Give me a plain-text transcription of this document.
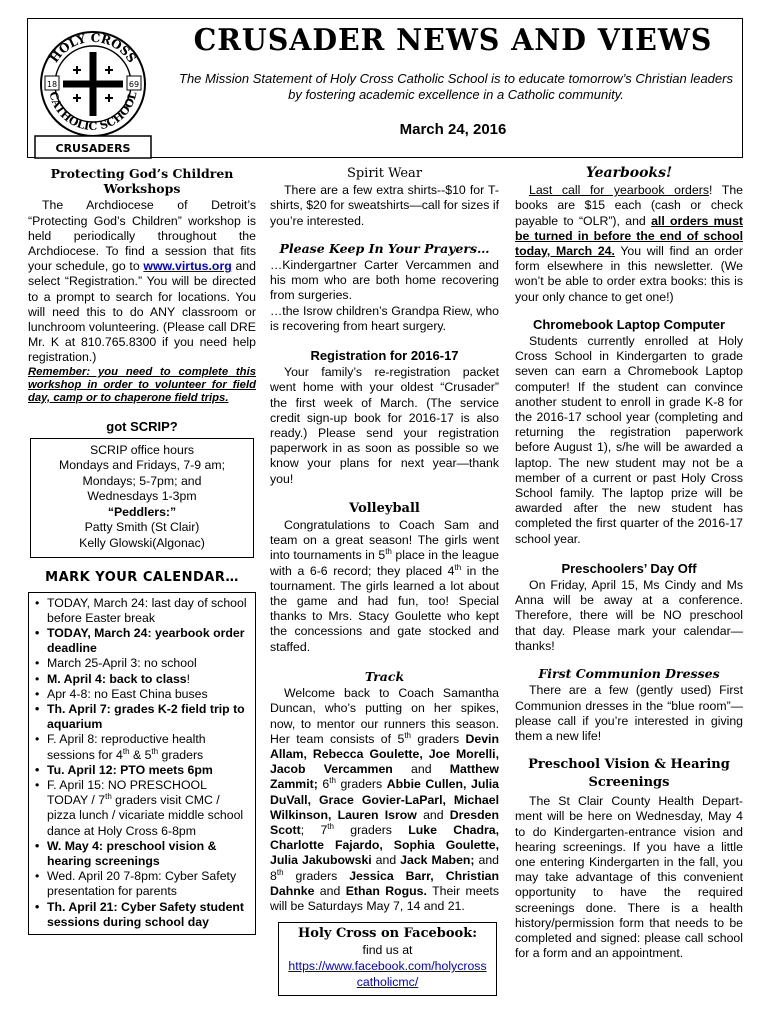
HOLY CROSS
CATHOLIC SCHOOL
18	69
CRUSADERS
CRUSADER NEWS AND VIEWS
The Mission Statement of Holy Cross Catholic School is to educate tomorrow’s Christian leaders by fostering academic excellence in a Catholic community.
March 24, 2016
Protecting God’s Children Workshops

The Archdiocese of Detroit’s “Protecting God’s Children” workshop is held periodically throughout the Archdiocese. To find a session that fits your schedule, go to www.virtus.org and select “Registration.” You will be directed to a prompt to search for locations. You will need this to do ANY classroom or lunchroom volunteering. (Please call DRE Mr. K at 810.765.8300 if you need help registration.)

Remember: you need to complete this workshop in order to volunteer for field day, camp or to chaperone field trips.

got SCRIP?
SCRIP office hours
Mondays and Fridays, 7-9 am;
Mondays; 5-7pm; and
Wednesdays 1-3pm
“Peddlers:”
Patty Smith (St Clair)
Kelly Glowski(Algonac)
MARK YOUR CALENDAR…
• TODAY, March 24: last day of school before Easter break
• TODAY, March 24: yearbook order deadline
• March 25-April 3: no school
• M. April 4: back to class!
• Apr 4-8: no East China buses
• Th. April 7: grades K-2 field trip to aquarium
• F. April 8: reproductive health sessions for 4th & 5th graders
• Tu. April 12: PTO meets 6pm
• F. April 15: NO PRESCHOOL TODAY / 7th graders visit CMC / pizza lunch / vicariate middle school dance at Holy Cross 6-8pm
• W. May 4: preschool vision & hearing screenings
• Wed. April 20 7-8pm: Cyber Safety presentation for parents
• Th. April 21: Cyber Safety student sessions during school day
Spirit Wear

There are a few extra shirts--$10 for T-shirts, $20 for sweatshirts—call for sizes if you’re interested.

Please Keep In Your Prayers…

…Kindergartner Carter Vercammen and his mom who are both home recovering from surgeries.

…the Isrow children’s Grandpa Riew, who is recovering from heart surgery.

Registration for 2016-17

Your family’s re-registration packet went home with your oldest “Crusader” the first week of March. (The service credit sign-up book for 2016-17 is also ready.) Please send your registration paperwork in as soon as possible so we know your plans for next year—thank you!

Volleyball

Congratulations to Coach Sam and team on a great season! The girls went into tournaments in 5th place in the league with a 6-6 record; they placed 4th in the tournament. The girls learned a lot about the game and had fun, too! Special thanks to Mrs. Stacy Goulette who kept the concessions and gate stocked and staffed.

Track

Welcome back to Coach Samantha Duncan, who’s putting on her spikes, now, to mentor our runners this season. Her team consists of 5th graders Devin Allam, Rebecca Goulette, Joe Morelli, Jacob Vercammen and Matthew Zammit; 6th graders Abbie Cullen, Julia DuVall, Grace Govier-LaParl, Michael Wilkinson, Lauren Isrow and Dresden Scott; 7th graders Luke Chadra, Charlotte Fajardo, Sophia Goulette, Julia Jakubowski and Jack Maben; and 8th graders Jessica Barr, Christian Dahnke and Ethan Rogus. Their meets will be Saturdays May 7, 14 and 21.

Holy Cross on Facebook:
find us at
https://www.facebook.com/holycross catholicmc/
Yearbooks!

Last call for yearbook orders! The books are $15 each (cash or check payable to “OLR”), and all orders must be turned in before the end of school today, March 24. You will find an order form elsewhere in this newsletter. (We won’t be able to order extra books: this is your only chance to get one!)

Chromebook Laptop Computer

Students currently enrolled at Holy Cross School in Kindergarten to grade seven can earn a Chromebook Laptop computer! If the student can convince another student to enroll in grade K-8 for the 2016-17 school year (completing and returning the registration paperwork before August 1), s/he will be awarded a laptop. The new student may not be a member of a current or past Holy Cross School family. The laptop prize will be awarded after the new student has completed the first quarter of the 2016-17 school year.

Preschoolers’ Day Off

On Friday, April 15, Ms Cindy and Ms Anna will be away at a conference. Therefore, there will be NO preschool that day. Please mark your calendar—thanks!

First Communion Dresses

There are a few (gently used) First Communion dresses in the “blue room”—please call if you’re interested in giving them a new life!

Preschool Vision & Hearing Screenings

The St Clair County Health Depart-ment will be here on Wednesday, May 4 to do Kindergarten-entrance vision and hearing screenings. If you have a little one entering Kindergarten in the fall, you may take advantage of this convenient opportunity to have the required screenings done. There is a health history/permission form that needs to be completed and signed: please call school for a form and an appointment.
